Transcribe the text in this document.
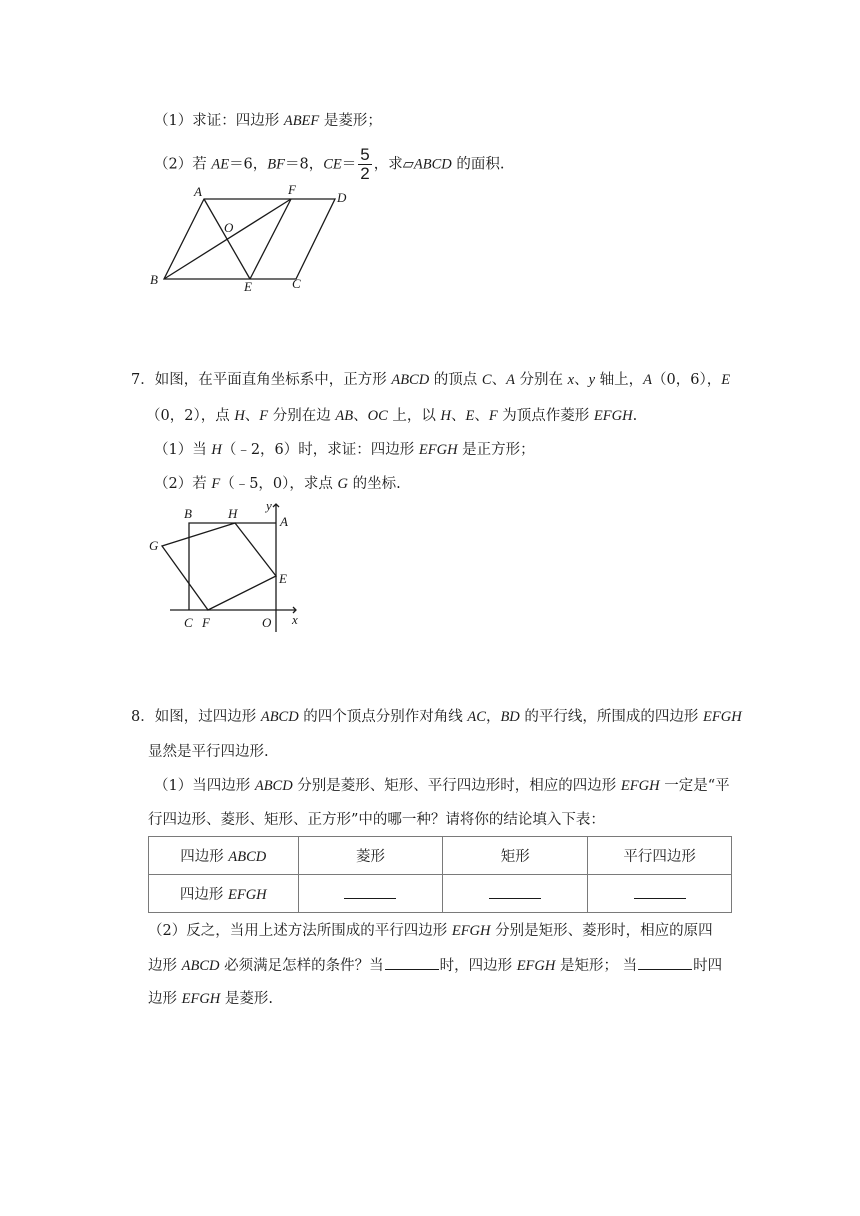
（1）求证：四边形 ABEF 是菱形；
（2）若 AE＝6，BF＝8，$CE= \frac{5}{2}$ ，求▱ABCD 的面积.
A	F
D
O
B	E	C
7．如图，在平面直角坐标系中，正方形 ABCD 的顶点 C、A 分别在 x、y 轴上，A（0，6），E
（0，2），点 H、F 分别在边 AB、OC 上，以 H、E、F 为顶点作菱形 EFGH.
（1）当 H（﹣2，6）时，求证：四边形 EFGH 是正方形；
（2）若 F（﹣5，0），求点 G 的坐标.
B	H
y
A
G
E
C F	O x
8．如图，过四边形 ABCD 的四个顶点分别作对角线 AC，BD 的平行线，所围成的四边形 EFGH
显然是平行四边形.
（1）当四边形 ABCD 分别是菱形、矩形、平行四边形时，相应的四边形 EFGH 一定是“平
行四边形、菱形、矩形、正方形”中的哪一种？请将你的结论填入下表：
四边形 ABCD	菱形	矩形	平行四边形
四边形 EFGH			
（2）反之，当用上述方法所围成的平行四边形 EFGH 分别是矩形、菱形时，相应的原四
边形 ABCD 必须满足怎样的条件？当	时，四边形 EFGH 是矩形； 当	时四
边形 EFGH 是菱形.
